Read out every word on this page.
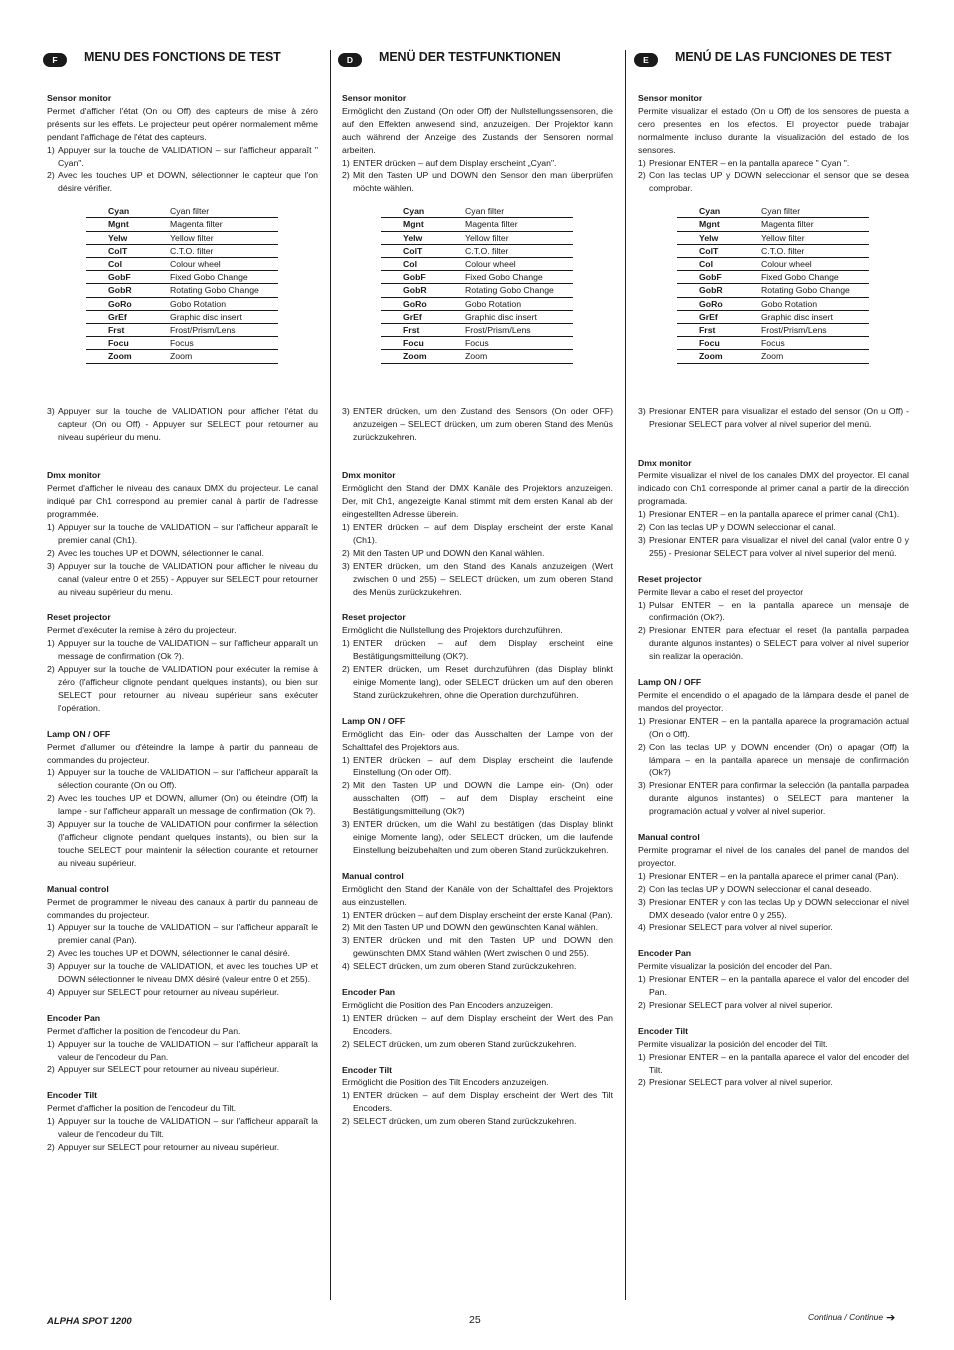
F	MENU DES FONCTIONS DE TEST
Sensor monitor

Permet d'afficher l'état (On ou Off) des capteurs de mise à zéro présents sur les effets. Le projecteur peut opérer normalement même pendant l'affichage de l'état des capteurs.

1) Appuyer sur la touche de VALIDATION – sur l'afficheur apparaît " Cyan".
2) Avec les touches UP et DOWN, sélectionner le capteur que l'on désire vérifier.
Cyan	Cyan filter
Mgnt	Magenta filter
Yelw	Yellow filter
ColT	C.T.O. filter
Col	Colour wheel
GobF	Fixed Gobo Change
GobR	Rotating Gobo Change
GoRo	Gobo Rotation
GrEf	Graphic disc insert
Frst	Frost/Prism/Lens
Focu	Focus
Zoom	Zoom
3) Appuyer sur la touche de VALIDATION pour afficher l'état du capteur (On ou Off) - Appuyer sur SELECT pour retourner au niveau supérieur du menu.
Dmx monitor

Permet d'afficher le niveau des canaux DMX du projecteur. Le canal indiqué par Ch1 correspond au premier canal à partir de l'adresse programmée.

1) Appuyer sur la touche de VALIDATION – sur l'afficheur apparaît le premier canal (Ch1).
2) Avec les touches UP et DOWN, sélectionner le canal.
3) Appuyer sur la touche de VALIDATION pour afficher le niveau du canal (valeur entre 0 et 255) - Appuyer sur SELECT pour retourner au niveau supérieur du menu.
Reset projector

Permet d'exécuter la remise à zéro du projecteur.

1) Appuyer sur la touche de VALIDATION – sur l'afficheur apparaît un message de confirmation (Ok ?).
2) Appuyer sur la touche de VALIDATION pour exécuter la remise à zéro (l'afficheur clignote pendant quelques instants), ou bien sur SELECT pour retourner au niveau supérieur sans exécuter l'opération.
Lamp ON / OFF

Permet d'allumer ou d'éteindre la lampe à partir du panneau de commandes du projecteur.

1) Appuyer sur la touche de VALIDATION – sur l'afficheur apparaît la sélection courante (On ou Off).
2) Avec les touches UP et DOWN, allumer (On) ou éteindre (Off) la lampe - sur l'afficheur apparaît un message de confirmation (Ok ?).
3) Appuyer sur la touche de VALIDATION pour confirmer la sélection (l'afficheur clignote pendant quelques instants), ou bien sur la touche SELECT pour maintenir la sélection courante et retourner au niveau supérieur.
Manual control

Permet de programmer le niveau des canaux à partir du panneau de commandes du projecteur.

1) Appuyer sur la touche de VALIDATION – sur l'afficheur apparaît le premier canal (Pan).
2) Avec les touches UP et DOWN, sélectionner le canal désiré.
3) Appuyer sur la touche de VALIDATION, et avec les touches UP et DOWN sélectionner le niveau DMX désiré (valeur entre 0 et 255).
4) Appuyer sur SELECT pour retourner au niveau supérieur.
Encoder Pan

Permet d'afficher la position de l'encodeur du Pan.

1) Appuyer sur la touche de VALIDATION – sur l'afficheur apparaît la valeur de l'encodeur du Pan.
2) Appuyer sur SELECT pour retourner au niveau supérieur.
Encoder Tilt

Permet d'afficher la position de l'encodeur du Tilt.

1) Appuyer sur la touche de VALIDATION – sur l'afficheur apparaît la valeur de l'encodeur du Tilt.
2) Appuyer sur SELECT pour retourner au niveau supérieur.
D	MENÜ DER TESTFUNKTIONEN
Sensor monitor

Ermöglicht den Zustand (On oder Off) der Nullstellungssensoren, die auf den Effekten anwesend sind, anzuzeigen. Der Projektor kann auch während der Anzeige des Zustands der Sensoren normal arbeiten.

1) ENTER drücken – auf dem Display erscheint „Cyan".
2) Mit den Tasten UP und DOWN den Sensor den man überprüfen möchte wählen.
Cyan	Cyan filter
Mgnt	Magenta filter
Yelw	Yellow filter
ColT	C.T.O. filter
Col	Colour wheel
GobF	Fixed Gobo Change
GobR	Rotating Gobo Change
GoRo	Gobo Rotation
GrEf	Graphic disc insert
Frst	Frost/Prism/Lens
Focu	Focus
Zoom	Zoom
3) ENTER drücken, um den Zustand des Sensors (On oder OFF) anzuzeigen – SELECT drücken, um zum oberen Stand des Menüs zurückzukehren.
Dmx monitor

Ermöglicht den Stand der DMX Kanäle des Projektors anzuzeigen. Der, mit Ch1, angezeigte Kanal stimmt mit dem ersten Kanal ab der eingestellten Adresse überein.

1) ENTER drücken – auf dem Display erscheint der erste Kanal (Ch1).
2) Mit den Tasten UP und DOWN den Kanal wählen.
3) ENTER drücken, um den Stand des Kanals anzuzeigen (Wert zwischen 0 und 255) – SELECT drücken, um zum oberen Stand des Menüs zurückzukehren.
Reset projector

Ermöglicht die Nullstellung des Projektors durchzuführen.

1) ENTER drücken – auf dem Display erscheint eine Bestätigungsmitteilung (OK?).
2) ENTER drücken, um Reset durchzuführen (das Display blinkt einige Momente lang), oder SELECT drücken um auf den oberen Stand zurückzukehren, ohne die Operation durchzuführen.
Lamp ON / OFF

Ermöglicht das Ein- oder das Ausschalten der Lampe von der Schalttafel des Projektors aus.

1) ENTER drücken – auf dem Display erscheint die laufende Einstellung (On oder Off).
2) Mit den Tasten UP und DOWN die Lampe ein- (On) oder ausschalten (Off) – auf dem Display erscheint eine Bestätigungsmitteilung (Ok?)
3) ENTER drücken, um die Wahl zu bestätigen (das Display blinkt einige Momente lang), oder SELECT drücken, um die laufende Einstellung beizubehalten und zum oberen Stand zurückzukehren.
Manual control

Ermöglicht den Stand der Kanäle von der Schalttafel des Projektors aus einzustellen.

1) ENTER drücken – auf dem Display erscheint der erste Kanal (Pan).
2) Mit den Tasten UP und DOWN den gewünschten Kanal wählen.
3) ENTER drücken und mit den Tasten UP und DOWN den gewünschten DMX Stand wählen (Wert zwischen 0 und 255).
4) SELECT drücken, um zum oberen Stand zurückzukehren.
Encoder Pan

Ermöglicht die Position des Pan Encoders anzuzeigen.

1) ENTER drücken – auf dem Display erscheint der Wert des Pan Encoders.
2) SELECT drücken, um zum oberen Stand zurückzukehren.
Encoder Tilt

Ermöglicht die Position des Tilt Encoders anzuzeigen.

1) ENTER drücken – auf dem Display erscheint der Wert des Tilt Encoders.
2) SELECT drücken, um zum oberen Stand zurückzukehren.
E	MENÚ DE LAS FUNCIONES DE TEST
Sensor monitor

Permite visualizar el estado (On u Off) de los sensores de puesta a cero presentes en los efectos. El proyector puede trabajar normalmente incluso durante la visualización del estado de los sensores.

1) Presionar ENTER – en la pantalla aparece " Cyan ".
2) Con las teclas UP y DOWN seleccionar el sensor que se desea comprobar.
Cyan	Cyan filter
Mgnt	Magenta filter
Yelw	Yellow filter
ColT	C.T.O. filter
Col	Colour wheel
GobF	Fixed Gobo Change
GobR	Rotating Gobo Change
GoRo	Gobo Rotation
GrEf	Graphic disc insert
Frst	Frost/Prism/Lens
Focu	Focus
Zoom	Zoom
3) Presionar ENTER para visualizar el estado del sensor (On u Off) - Presionar SELECT para volver al nivel superior del menú.
Dmx monitor

Permite visualizar el nivel de los canales DMX del proyector. El canal indicado con Ch1 corresponde al primer canal a partir de la dirección programada.

1) Presionar ENTER – en la pantalla aparece el primer canal (Ch1).
2) Con las teclas UP y DOWN seleccionar el canal.
3) Presionar ENTER para visualizar el nivel del canal (valor entre 0 y 255) - Presionar SELECT para volver al nivel superior del menú.
Reset projector

Permite llevar a cabo el reset del proyector

1) Pulsar ENTER – en la pantalla aparece un mensaje de confirmación (Ok?).
2) Presionar ENTER para efectuar el reset (la pantalla parpadea durante algunos instantes) o SELECT para volver al nivel superior sin realizar la operación.
Lamp ON / OFF

Permite el encendido o el apagado de la lámpara desde el panel de mandos del proyector.

1) Presionar ENTER – en la pantalla aparece la programación actual (On o Off).
2) Con las teclas UP y DOWN encender (On) o apagar (Off) la lámpara – en la pantalla aparece un mensaje de confirmación (Ok?)
3) Presionar ENTER para confirmar la selección (la pantalla parpadea durante algunos instantes) o SELECT para mantener la programación actual y volver al nivel superior.
Manual control

Permite programar el nivel de los canales del panel de mandos del proyector.

1) Presionar ENTER – en la pantalla aparece el primer canal (Pan).
2) Con las teclas UP y DOWN seleccionar el canal deseado.
3) Presionar ENTER y con las teclas Up y DOWN seleccionar el nivel DMX deseado (valor entre 0 y 255).
4) Presionar SELECT para volver al nivel superior.
Encoder Pan

Permite visualizar la posición del encoder del Pan.

1) Presionar ENTER – en la pantalla aparece el valor del encoder del Pan.
2) Presionar SELECT para volver al nivel superior.
Encoder Tilt

Permite visualizar la posición del encoder del Tilt.

1) Presionar ENTER – en la pantalla aparece el valor del encoder del Tilt.
2) Presionar SELECT para volver al nivel superior.
ALPHA SPOT 1200	25	Continua / Continue ➔
